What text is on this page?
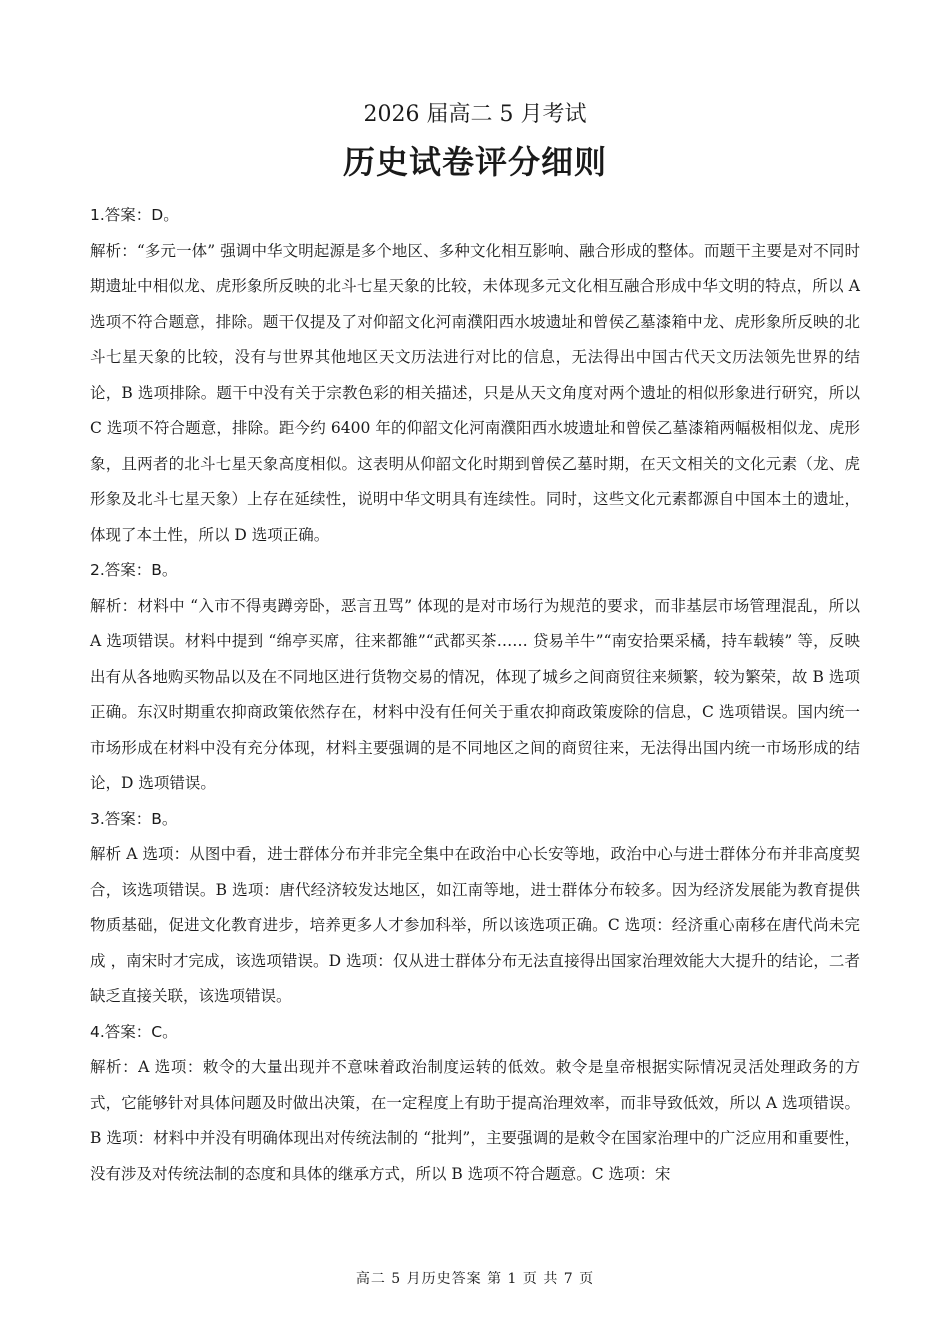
2026 届高二 5 月考试
历史试卷评分细则

1.答案：D。

解析：“多元一体” 强调中华文明起源是多个地区、多种文化相互影响、融合形成的整体。而题干主要是对不同时期遗址中相似龙、虎形象所反映的北斗七星天象的比较，未体现多元文化相互融合形成中华文明的特点，所以 A 选项不符合题意，排除。题干仅提及了对仰韶文化河南濮阳西水坡遗址和曾侯乙墓漆箱中龙、虎形象所反映的北斗七星天象的比较，没有与世界其他地区天文历法进行对比的信息，无法得出中国古代天文历法领先世界的结论，B 选项排除。题干中没有关于宗教色彩的相关描述，只是从天文角度对两个遗址的相似形象进行研究，所以 C 选项不符合题意，排除。距今约 6400 年的仰韶文化河南濮阳西水坡遗址和曾侯乙墓漆箱两幅极相似龙、虎形象，且两者的北斗七星天象高度相似。这表明从仰韶文化时期到曾侯乙墓时期，在天文相关的文化元素（龙、虎形象及北斗七星天象）上存在延续性，说明中华文明具有连续性。同时，这些文化元素都源自中国本土的遗址，体现了本土性，所以 D 选项正确。

2.答案：B。

解析：材料中 “入市不得夷蹲旁卧，恶言丑骂” 体现的是对市场行为规范的要求，而非基层市场管理混乱，所以 A 选项错误。材料中提到 “绵亭买席，往来都雒”“武都买茶…… 贷易羊牛”“南安拾栗采橘，持车载辏” 等，反映出有从各地购买物品以及在不同地区进行货物交易的情况，体现了城乡之间商贸往来频繁，较为繁荣，故 B 选项正确。东汉时期重农抑商政策依然存在，材料中没有任何关于重农抑商政策废除的信息，C 选项错误。国内统一市场形成在材料中没有充分体现，材料主要强调的是不同地区之间的商贸往来，无法得出国内统一市场形成的结论，D 选项错误。

3.答案：B。

解析 A 选项：从图中看，进士群体分布并非完全集中在政治中心长安等地，政治中心与进士群体分布并非高度契合，该选项错误。B 选项：唐代经济较发达地区，如江南等地，进士群体分布较多。因为经济发展能为教育提供物质基础，促进文化教育进步，培养更多人才参加科举，所以该选项正确。C 选项：经济重心南移在唐代尚未完成 ，南宋时才完成，该选项错误。D 选项：仅从进士群体分布无法直接得出国家治理效能大大提升的结论，二者缺乏直接关联，该选项错误。

4.答案：C。

解析：A 选项：敕令的大量出现并不意味着政治制度运转的低效。敕令是皇帝根据实际情况灵活处理政务的方式，它能够针对具体问题及时做出决策，在一定程度上有助于提高治理效率，而非导致低效，所以 A 选项错误。B 选项：材料中并没有明确体现出对传统法制的 “批判”，主要强调的是敕令在国家治理中的广泛应用和重要性，没有涉及对传统法制的态度和具体的继承方式，所以 B 选项不符合题意。C 选项：宋

高二 5 月历史答案 第 1 页 共 7 页
